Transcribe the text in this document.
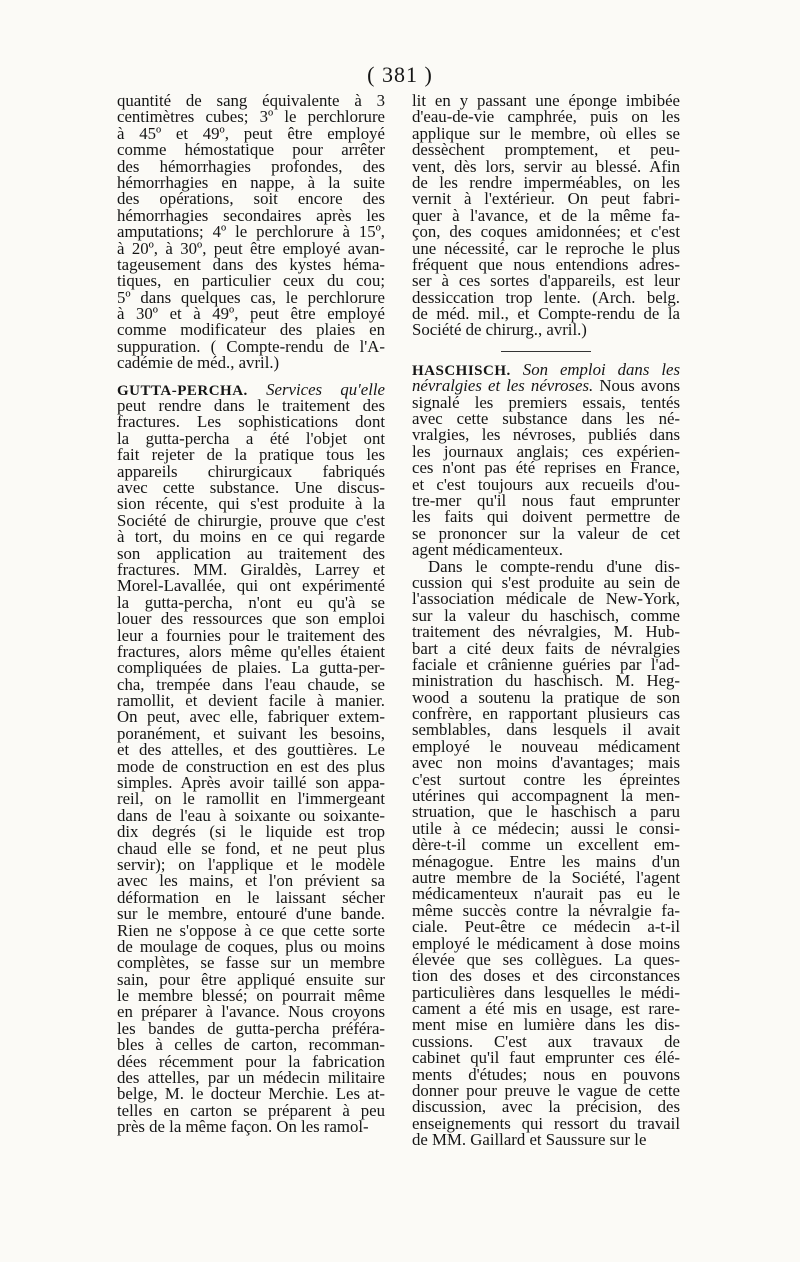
( 381 )
quantité de sang équivalente à 3
centimètres cubes; 3º le perchlorure
à 45º et 49º, peut être employé
comme hémostatique pour arrêter
des hémorrhagies profondes, des
hémorrhagies en nappe, à la suite
des opérations, soit encore des
hémorrhagies secondaires après les
amputations; 4º le perchlorure à 15º,
à 20º, à 30º, peut être employé avan-
tageusement dans des kystes héma-
tiques, en particulier ceux du cou;
5º dans quelques cas, le perchlorure
à 30º et à 49º, peut être employé
comme modificateur des plaies en
suppuration. ( Compte-rendu de l'A-
cadémie de méd., avril.)
GUTTA-PERCHA. Services qu'elle
peut rendre dans le traitement des
fractures. Les sophistications dont
la gutta-percha a été l'objet ont
fait rejeter de la pratique tous les
appareils chirurgicaux fabriqués
avec cette substance. Une discus-
sion récente, qui s'est produite à la
Société de chirurgie, prouve que c'est
à tort, du moins en ce qui regarde
son application au traitement des
fractures. MM. Giraldès, Larrey et
Morel-Lavallée, qui ont expérimenté
la gutta-percha, n'ont eu qu'à se
louer des ressources que son emploi
leur a fournies pour le traitement des
fractures, alors même qu'elles étaient
compliquées de plaies. La gutta-per-
cha, trempée dans l'eau chaude, se
ramollit, et devient facile à manier.
On peut, avec elle, fabriquer extem-
poranément, et suivant les besoins,
et des attelles, et des gouttières. Le
mode de construction en est des plus
simples. Après avoir taillé son appa-
reil, on le ramollit en l'immergeant
dans de l'eau à soixante ou soixante-
dix degrés (si le liquide est trop
chaud elle se fond, et ne peut plus
servir); on l'applique et le modèle
avec les mains, et l'on prévient sa
déformation en le laissant sécher
sur le membre, entouré d'une bande.
Rien ne s'oppose à ce que cette sorte
de moulage de coques, plus ou moins
complètes, se fasse sur un membre
sain, pour être appliqué ensuite sur
le membre blessé; on pourrait même
en préparer à l'avance. Nous croyons
les bandes de gutta-percha préféra-
bles à celles de carton, recomman-
dées récemment pour la fabrication
des attelles, par un médecin militaire
belge, M. le docteur Merchie. Les at-
telles en carton se préparent à peu
près de la même façon. On les ramol-
lit en y passant une éponge imbibée
d'eau-de-vie camphrée, puis on les
applique sur le membre, où elles se
dessèchent promptement, et peu-
vent, dès lors, servir au blessé. Afin
de les rendre imperméables, on les
vernit à l'extérieur. On peut fabri-
quer à l'avance, et de la même fa-
çon, des coques amidonnées; et c'est
une nécessité, car le reproche le plus
fréquent que nous entendions adres-
ser à ces sortes d'appareils, est leur
dessiccation trop lente. (Arch. belg.
de méd. mil., et Compte-rendu de la
Société de chirurg., avril.)
HASCHISCH. Son emploi dans les
névralgies et les névroses. Nous avons
signalé les premiers essais, tentés
avec cette substance dans les né-
vralgies, les névroses, publiés dans
les journaux anglais; ces expérien-
ces n'ont pas été reprises en France,
et c'est toujours aux recueils d'ou-
tre-mer qu'il nous faut emprunter
les faits qui doivent permettre de
se prononcer sur la valeur de cet
agent médicamenteux.
Dans le compte-rendu d'une dis-
cussion qui s'est produite au sein de
l'association médicale de New-York,
sur la valeur du haschisch, comme
traitement des névralgies, M. Hub-
bart a cité deux faits de névralgies
faciale et crânienne guéries par l'ad-
ministration du haschisch. M. Heg-
wood a soutenu la pratique de son
confrère, en rapportant plusieurs cas
semblables, dans lesquels il avait
employé le nouveau médicament
avec non moins d'avantages; mais
c'est surtout contre les épreintes
utérines qui accompagnent la men-
struation, que le haschisch a paru
utile à ce médecin; aussi le consi-
dère-t-il comme un excellent em-
ménagogue. Entre les mains d'un
autre membre de la Société, l'agent
médicamenteux n'aurait pas eu le
même succès contre la névralgie fa-
ciale. Peut-être ce médecin a-t-il
employé le médicament à dose moins
élevée que ses collègues. La ques-
tion des doses et des circonstances
particulières dans lesquelles le médi-
cament a été mis en usage, est rare-
ment mise en lumière dans les dis-
cussions. C'est aux travaux de
cabinet qu'il faut emprunter ces élé-
ments d'études; nous en pouvons
donner pour preuve le vague de cette
discussion, avec la précision, des
enseignements qui ressort du travail
de MM. Gaillard et Saussure sur le
